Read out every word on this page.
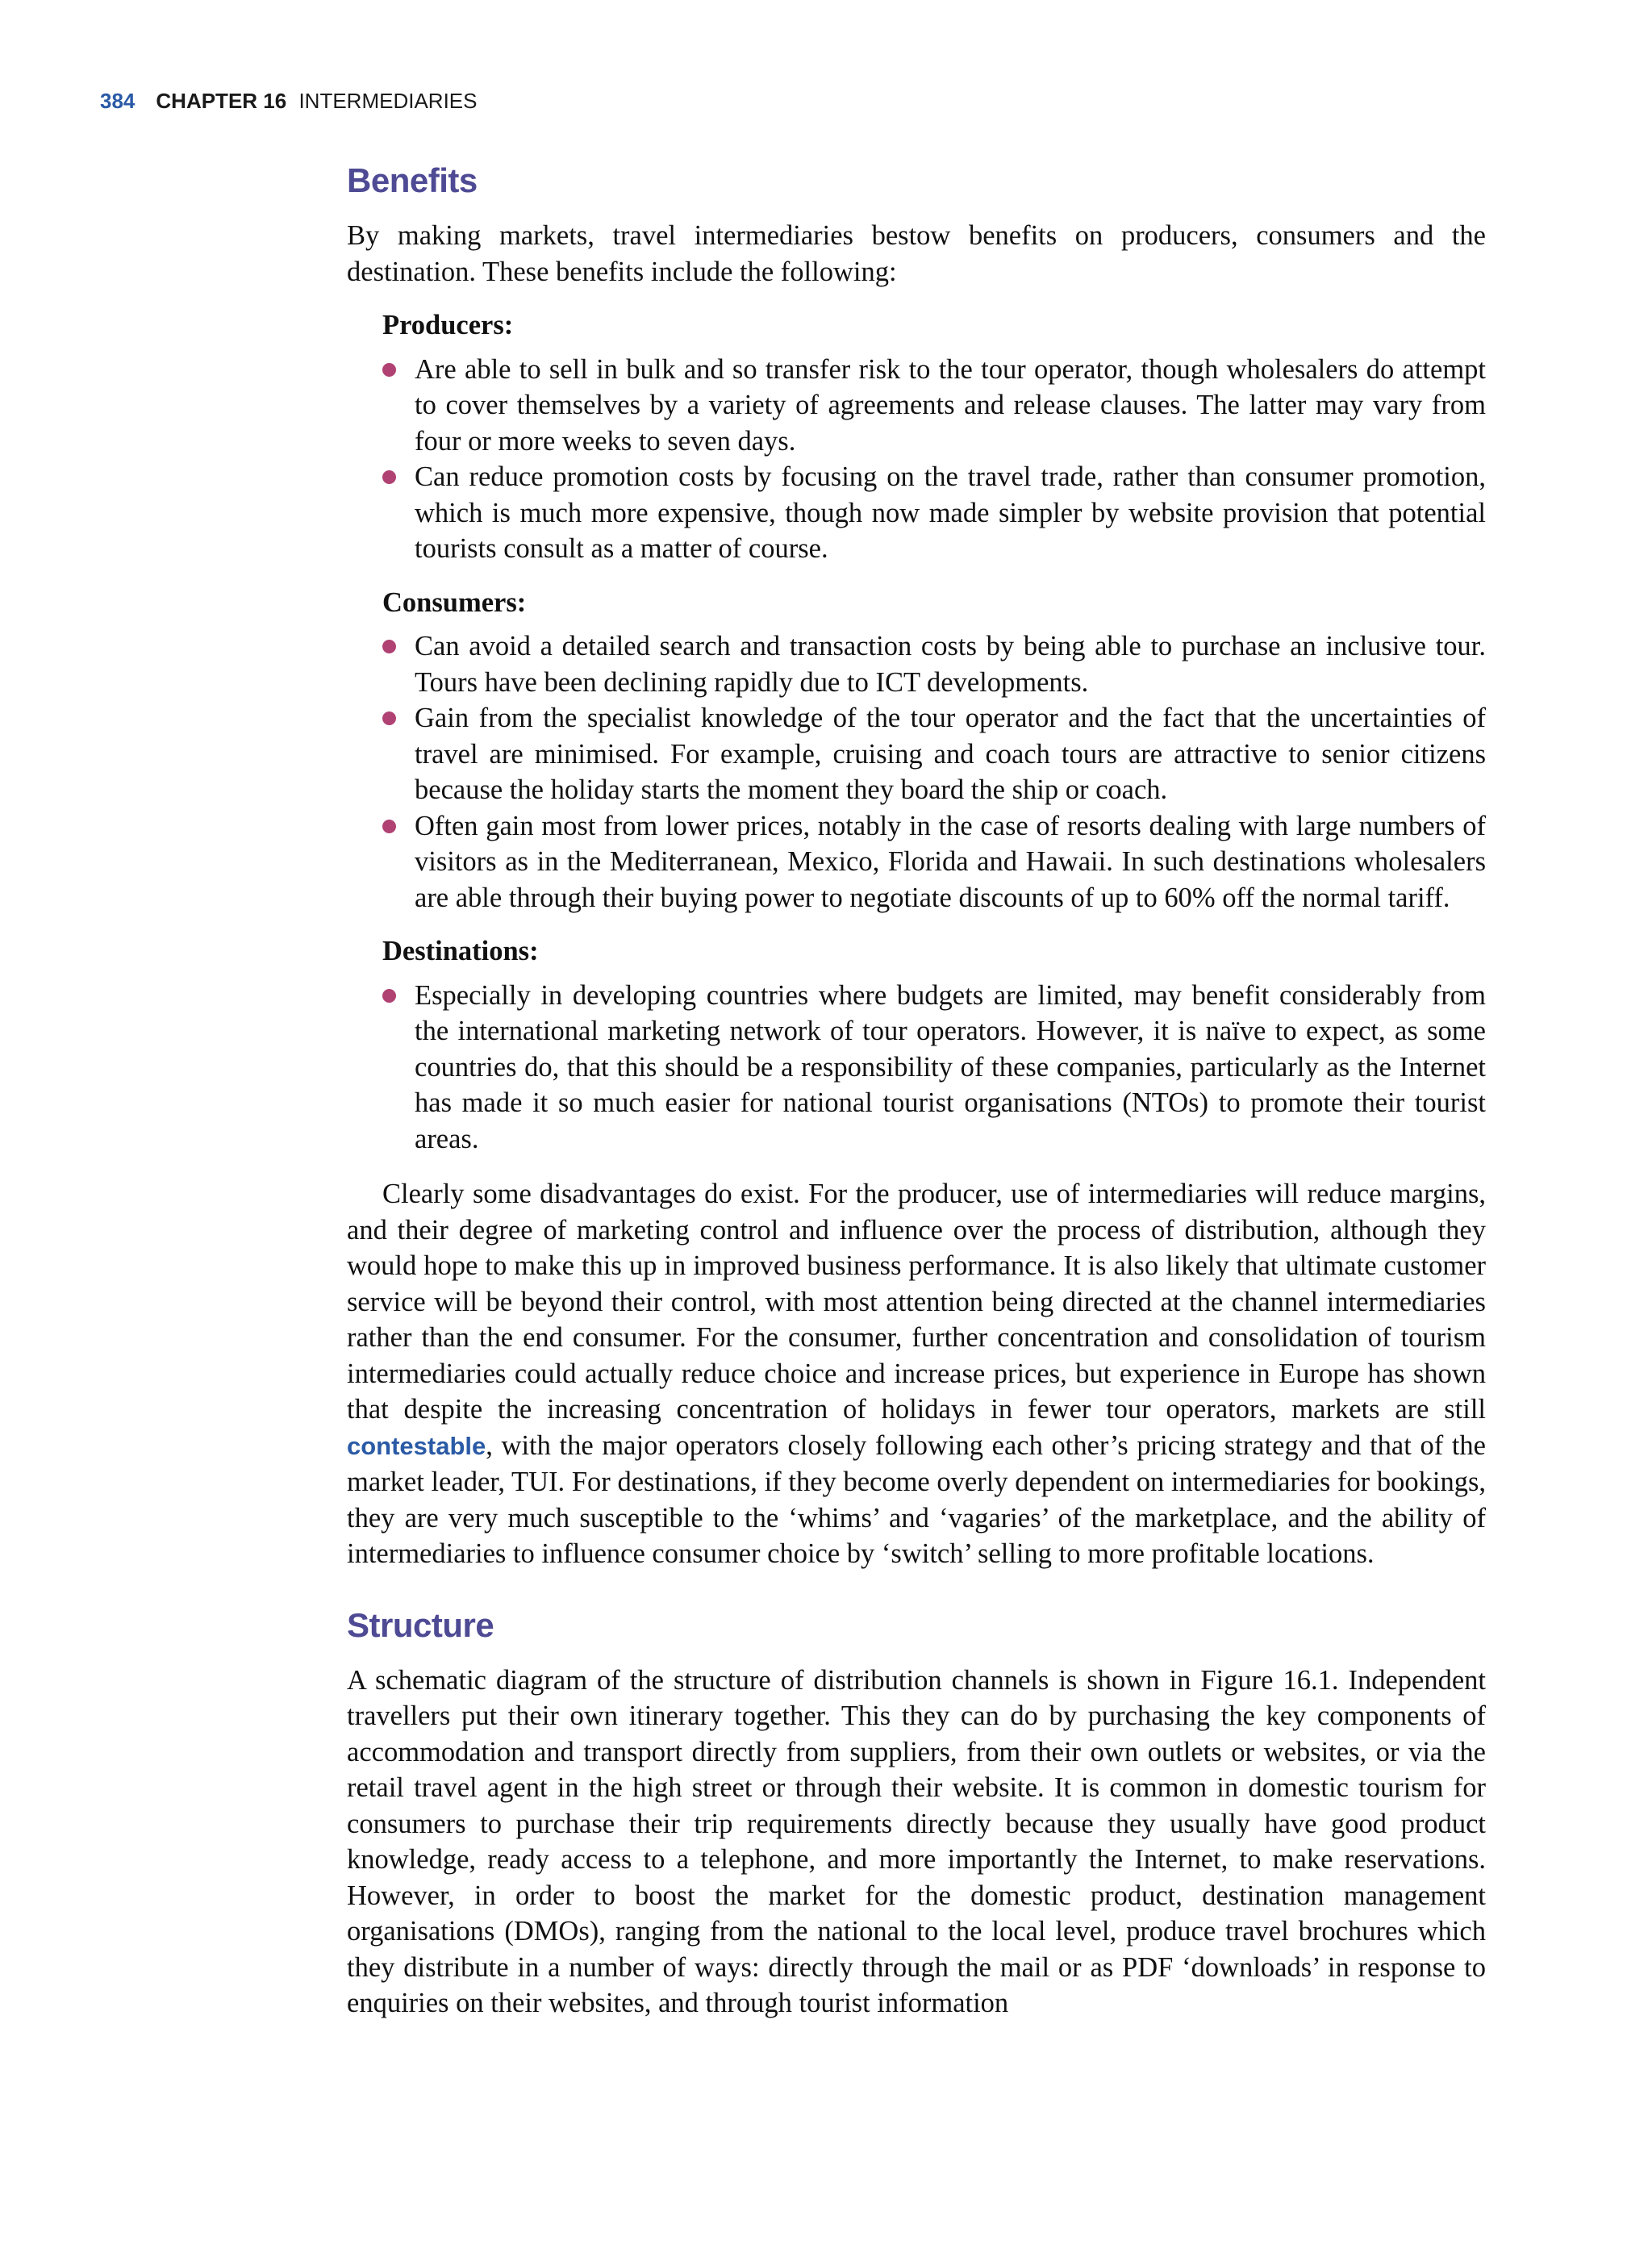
384 CHAPTER 16 INTERMEDIARIES
Benefits

By making markets, travel intermediaries bestow benefits on producers, consumers and the destination. These benefits include the following:

Producers:
Are able to sell in bulk and so transfer risk to the tour operator, though wholesalers do attempt to cover themselves by a variety of agreements and release clauses. The latter may vary from four or more weeks to seven days.
Can reduce promotion costs by focusing on the travel trade, rather than consumer promotion, which is much more expensive, though now made simpler by website provision that potential tourists consult as a matter of course.
Consumers:
Can avoid a detailed search and transaction costs by being able to purchase an inclusive tour. Tours have been declining rapidly due to ICT developments.
Gain from the specialist knowledge of the tour operator and the fact that the uncertainties of travel are minimised. For example, cruising and coach tours are attractive to senior citizens because the holiday starts the moment they board the ship or coach.
Often gain most from lower prices, notably in the case of resorts dealing with large numbers of visitors as in the Mediterranean, Mexico, Florida and Hawaii. In such destinations wholesalers are able through their buying power to negotiate discounts of up to 60% off the normal tariff.
Destinations:
Especially in developing countries where budgets are limited, may benefit considerably from the international marketing network of tour operators. However, it is naïve to expect, as some countries do, that this should be a responsibility of these companies, particularly as the Internet has made it so much easier for national tourist organisations (NTOs) to promote their tourist areas.

Clearly some disadvantages do exist. For the producer, use of intermediaries will reduce margins, and their degree of marketing control and influence over the process of distribution, although they would hope to make this up in improved business performance. It is also likely that ultimate customer service will be beyond their control, with most attention being directed at the channel intermediaries rather than the end consumer. For the consumer, further concentration and consolidation of tourism intermediaries could actually reduce choice and increase prices, but experience in Europe has shown that despite the increasing concentration of holidays in fewer tour operators, markets are still contestable, with the major operators closely following each other’s pricing strategy and that of the market leader, TUI. For destinations, if they become overly dependent on intermediaries for bookings, they are very much susceptible to the ‘whims’ and ‘vagaries’ of the marketplace, and the ability of intermediaries to influence consumer choice by ‘switch’ selling to more profitable locations.

Structure

A schematic diagram of the structure of distribution channels is shown in Figure 16.1. Independent travellers put their own itinerary together. This they can do by purchasing the key components of accommodation and transport directly from suppliers, from their own outlets or websites, or via the retail travel agent in the high street or through their website. It is common in domestic tourism for consumers to purchase their trip requirements directly because they usually have good product knowledge, ready access to a telephone, and more importantly the Internet, to make reservations. However, in order to boost the market for the domestic product, destination management organisations (DMOs), ranging from the national to the local level, produce travel brochures which they distribute in a number of ways: directly through the mail or as PDF ‘downloads’ in response to enquiries on their websites, and through tourist information
